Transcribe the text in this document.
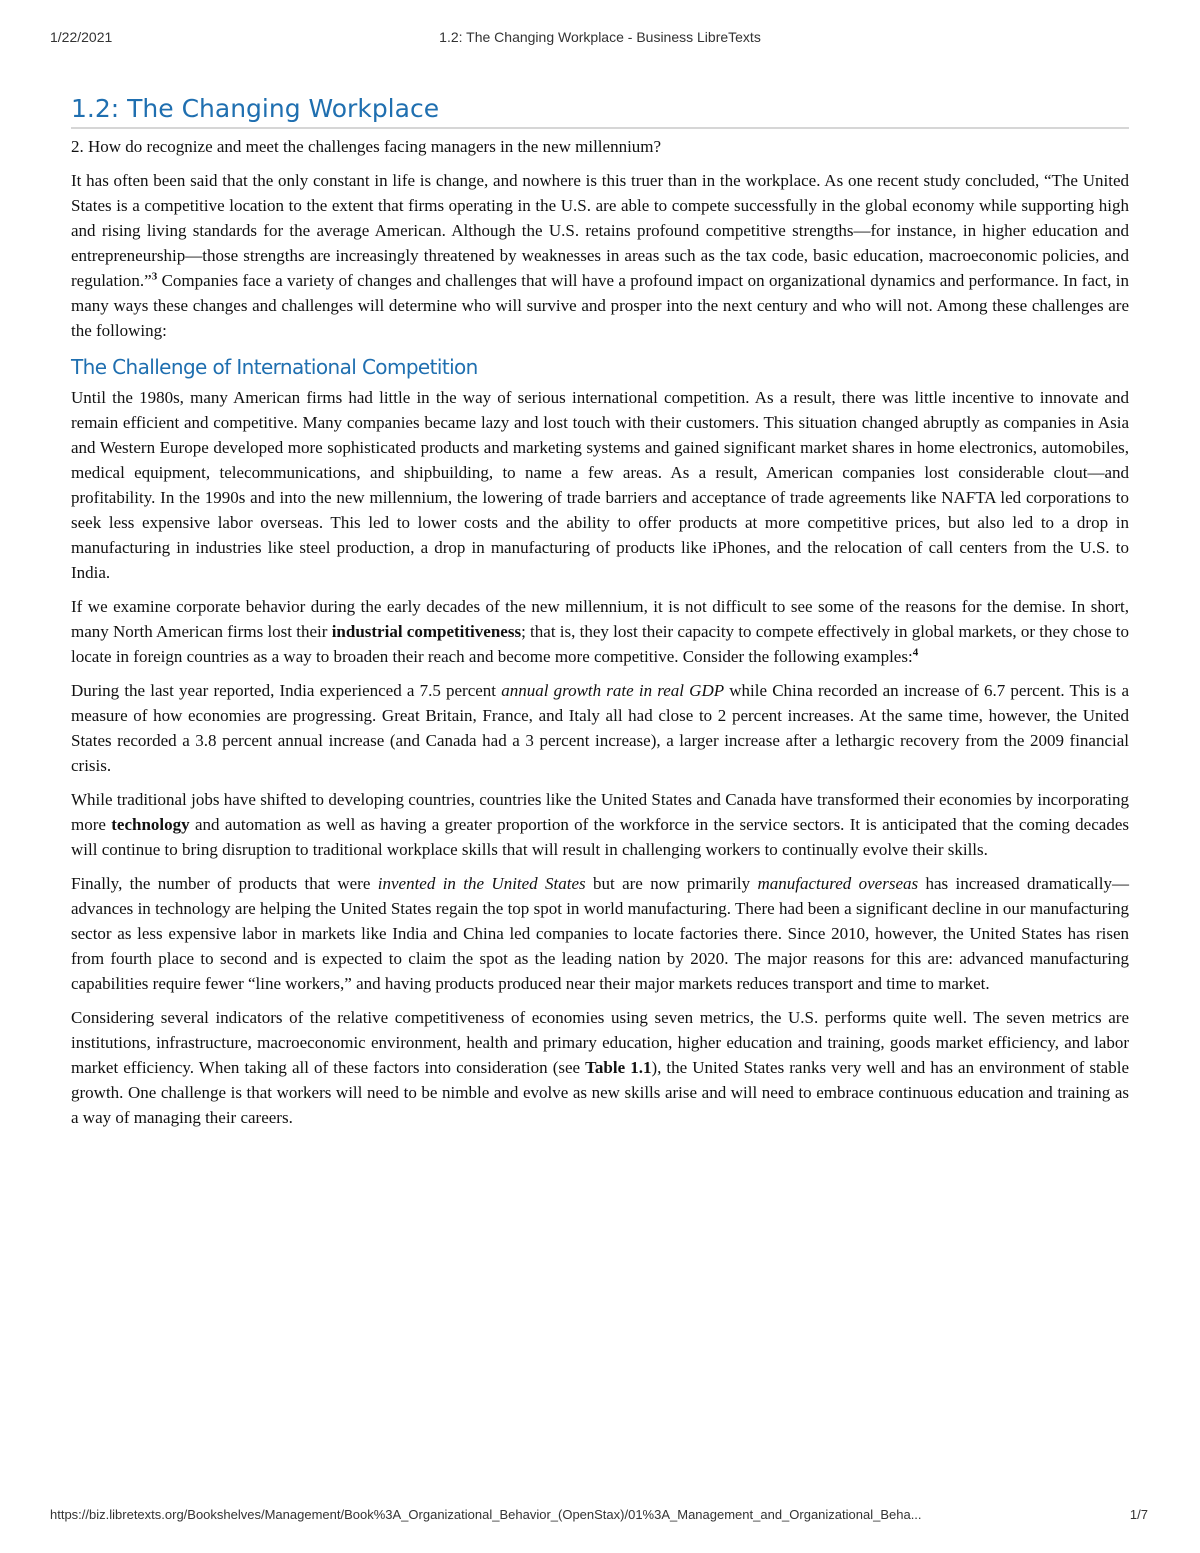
1/22/2021	1.2: The Changing Workplace - Business LibreTexts
1.2: The Changing Workplace

2. How do recognize and meet the challenges facing managers in the new millennium?

It has often been said that the only constant in life is change, and nowhere is this truer than in the workplace. As one recent study concluded, “The United States is a competitive location to the extent that firms operating in the U.S. are able to compete successfully in the global economy while supporting high and rising living standards for the average American. Although the U.S. retains profound competitive strengths—for instance, in higher education and entrepreneurship—those strengths are increasingly threatened by weaknesses in areas such as the tax code, basic education, macroeconomic policies, and regulation.”$^3$ Companies face a variety of changes and challenges that will have a profound impact on organizational dynamics and performance. In fact, in many ways these changes and challenges will determine who will survive and prosper into the next century and who will not. Among these challenges are the following:

The Challenge of International Competition

Until the 1980s, many American firms had little in the way of serious international competition. As a result, there was little incentive to innovate and remain efficient and competitive. Many companies became lazy and lost touch with their customers. This situation changed abruptly as companies in Asia and Western Europe developed more sophisticated products and marketing systems and gained significant market shares in home electronics, automobiles, medical equipment, telecommunications, and shipbuilding, to name a few areas. As a result, American companies lost considerable clout—and profitability. In the 1990s and into the new millennium, the lowering of trade barriers and acceptance of trade agreements like NAFTA led corporations to seek less expensive labor overseas. This led to lower costs and the ability to offer products at more competitive prices, but also led to a drop in manufacturing in industries like steel production, a drop in manufacturing of products like iPhones, and the relocation of call centers from the U.S. to India.

If we examine corporate behavior during the early decades of the new millennium, it is not difficult to see some of the reasons for the demise. In short, many North American firms lost their industrial competitiveness; that is, they lost their capacity to compete effectively in global markets, or they chose to locate in foreign countries as a way to broaden their reach and become more competitive. Consider the following examples:$^4$

During the last year reported, India experienced a 7.5 percent annual growth rate in real GDP while China recorded an increase of 6.7 percent. This is a measure of how economies are progressing. Great Britain, France, and Italy all had close to 2 percent increases. At the same time, however, the United States recorded a 3.8 percent annual increase (and Canada had a 3 percent increase), a larger increase after a lethargic recovery from the 2009 financial crisis.

While traditional jobs have shifted to developing countries, countries like the United States and Canada have transformed their economies by incorporating more technology and automation as well as having a greater proportion of the workforce in the service sectors. It is anticipated that the coming decades will continue to bring disruption to traditional workplace skills that will result in challenging workers to continually evolve their skills.

Finally, the number of products that were invented in the United States but are now primarily manufactured overseas has increased dramatically—advances in technology are helping the United States regain the top spot in world manufacturing. There had been a significant decline in our manufacturing sector as less expensive labor in markets like India and China led companies to locate factories there. Since 2010, however, the United States has risen from fourth place to second and is expected to claim the spot as the leading nation by 2020. The major reasons for this are: advanced manufacturing capabilities require fewer “line workers,” and having products produced near their major markets reduces transport and time to market.

Considering several indicators of the relative competitiveness of economies using seven metrics, the U.S. performs quite well. The seven metrics are institutions, infrastructure, macroeconomic environment, health and primary education, higher education and training, goods market efficiency, and labor market efficiency. When taking all of these factors into consideration (see Table 1.1), the United States ranks very well and has an environment of stable growth. One challenge is that workers will need to be nimble and evolve as new skills arise and will need to embrace continuous education and training as a way of managing their careers.

https://biz.libretexts.org/Bookshelves/Management/Book%3A_Organizational_Behavior_(OpenStax)/01%3A_Management_and_Organizational_Beha...	1/7
